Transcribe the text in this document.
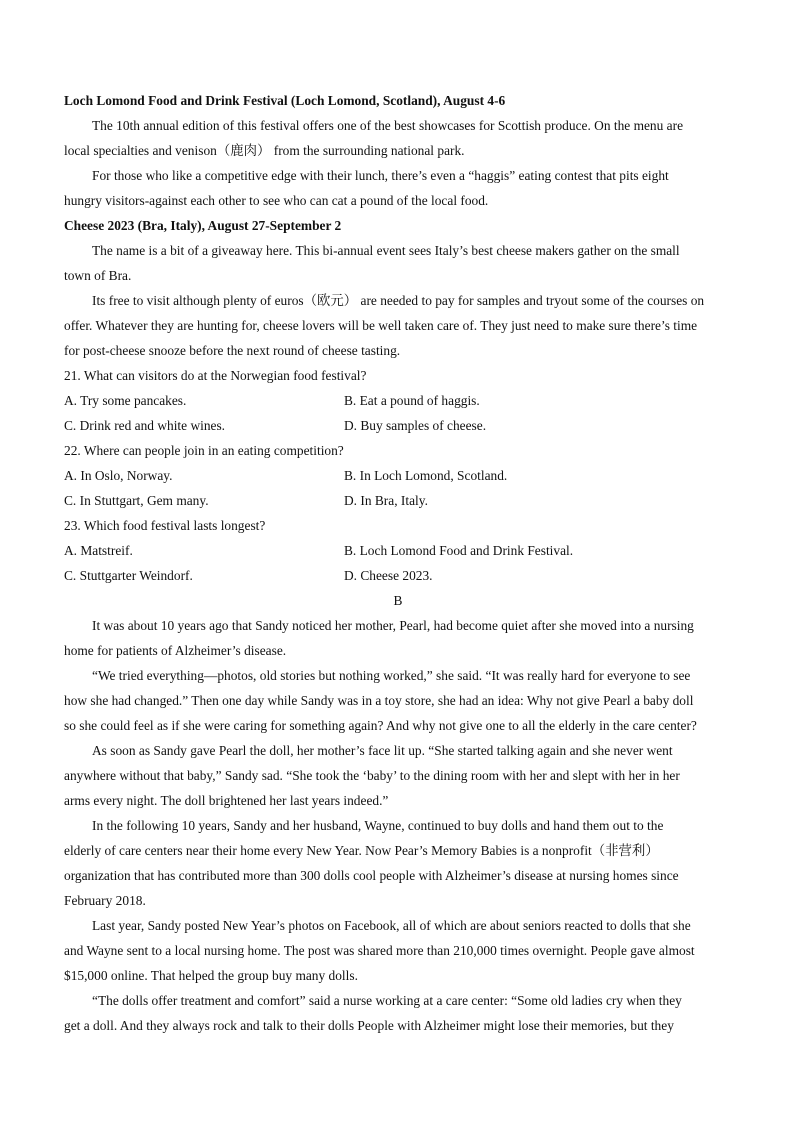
Loch Lomond Food and Drink Festival (Loch Lomond, Scotland), August 4-6
The 10th annual edition of this festival offers one of the best showcases for Scottish produce. On the menu are
local specialties and venison（鹿肉） from the surrounding national park.
For those who like a competitive edge with their lunch, there’s even a “haggis” eating contest that pits eight
hungry visitors-against each other to see who can cat a pound of the local food.
Cheese 2023 (Bra, Italy), August 27-September 2
The name is a bit of a giveaway here. This bi-annual event sees Italy’s best cheese makers gather on the small
town of Bra.
Its free to visit although plenty of euros（欧元） are needed to pay for samples and tryout some of the courses on
offer. Whatever they are hunting for, cheese lovers will be well taken care of. They just need to make sure there’s time
for post-cheese snooze before the next round of cheese tasting.
21. What can visitors do at the Norwegian food festival?
A. Try some pancakes.	B. Eat a pound of haggis.
C. Drink red and white wines.	D. Buy samples of cheese.
22. Where can people join in an eating competition?
A. In Oslo, Norway.	B. In Loch Lomond, Scotland.
C. In Stuttgart, Gem many.	D. In Bra, Italy.
23. Which food festival lasts longest?
A. Matstreif.	B. Loch Lomond Food and Drink Festival.
C. Stuttgarter Weindorf.	D. Cheese 2023.
B
It was about 10 years ago that Sandy noticed her mother, Pearl, had become quiet after she moved into a nursing
home for patients of Alzheimer’s disease.
“We tried everything—photos, old stories but nothing worked,” she said. “It was really hard for everyone to see
how she had changed.” Then one day while Sandy was in a toy store, she had an idea: Why not give Pearl a baby doll
so she could feel as if she were caring for something again? And why not give one to all the elderly in the care center?
As soon as Sandy gave Pearl the doll, her mother’s face lit up. “She started talking again and she never went
anywhere without that baby,” Sandy sad. “She took the ‘baby’ to the dining room with her and slept with her in her
arms every night. The doll brightened her last years indeed.”
In the following 10 years, Sandy and her husband, Wayne, continued to buy dolls and hand them out to the
elderly of care centers near their home every New Year. Now Pear’s Memory Babies is a nonprofit（非营利）
organization that has contributed more than 300 dolls cool people with Alzheimer’s disease at nursing homes since
February 2018.
Last year, Sandy posted New Year’s photos on Facebook, all of which are about seniors reacted to dolls that she
and Wayne sent to a local nursing home. The post was shared more than 210,000 times overnight. People gave almost
$15,000 online. That helped the group buy many dolls.
“The dolls offer treatment and comfort” said a nurse working at a care center: “Some old ladies cry when they
get a doll. And they always rock and talk to their dolls People with Alzheimer might lose their memories, but they
